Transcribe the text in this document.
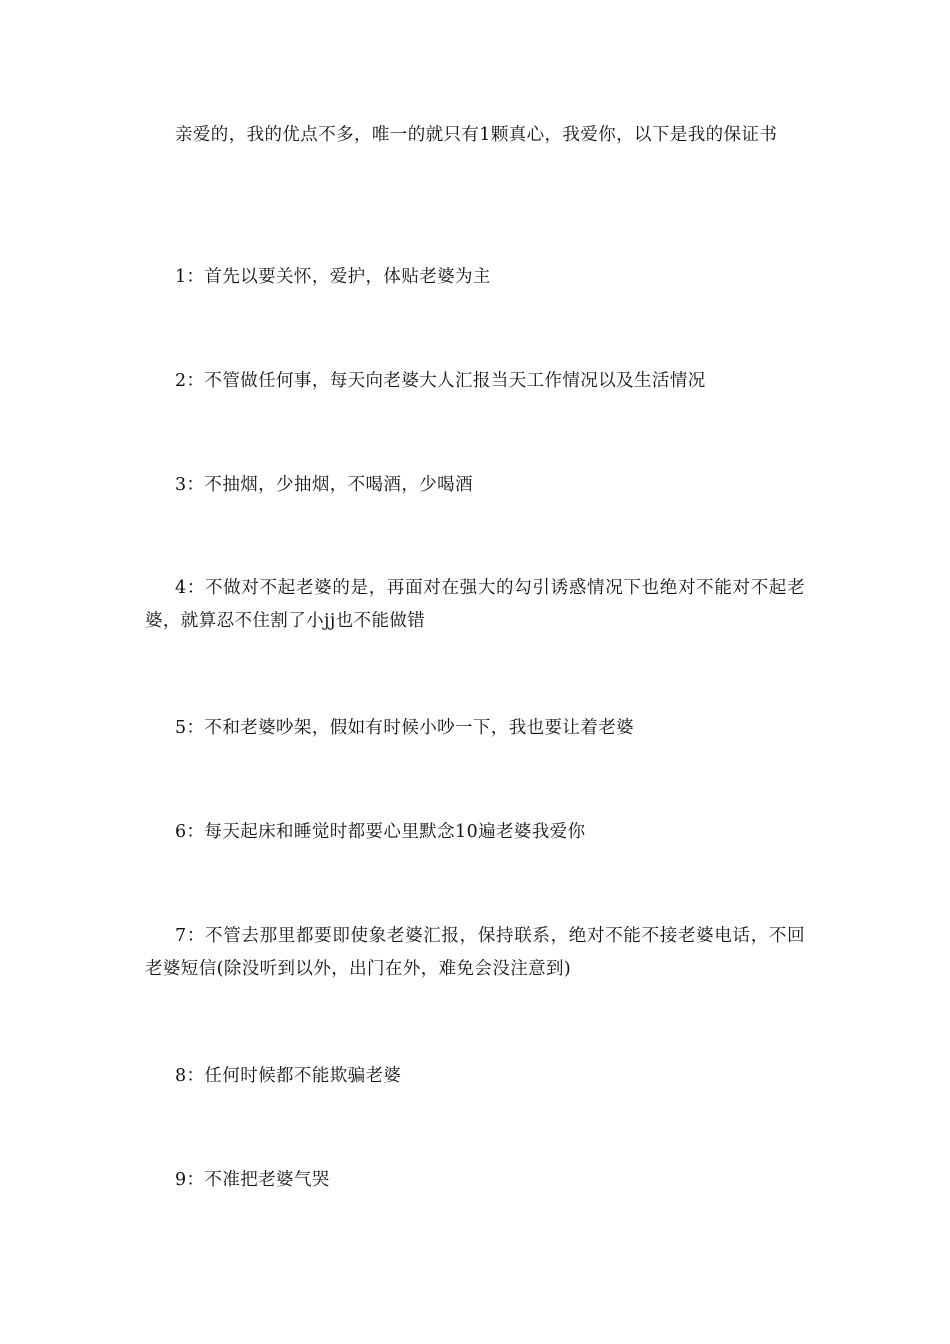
亲爱的，我的优点不多，唯一的就只有1颗真心，我爱你，以下是我的保证书

1：首先以要关怀，爱护，体贴老婆为主

2：不管做任何事，每天向老婆大人汇报当天工作情况以及生活情况

3：不抽烟，少抽烟，不喝酒，少喝酒

4：不做对不起老婆的是，再面对在强大的勾引诱惑情况下也绝对不能对不起老婆，就算忍不住割了小jj也不能做错

5：不和老婆吵架，假如有时候小吵一下，我也要让着老婆

6：每天起床和睡觉时都要心里默念10遍老婆我爱你

7：不管去那里都要即使象老婆汇报，保持联系，绝对不能不接老婆电话，不回老婆短信(除没听到以外，出门在外，难免会没注意到)

8：任何时候都不能欺骗老婆

9：不准把老婆气哭
